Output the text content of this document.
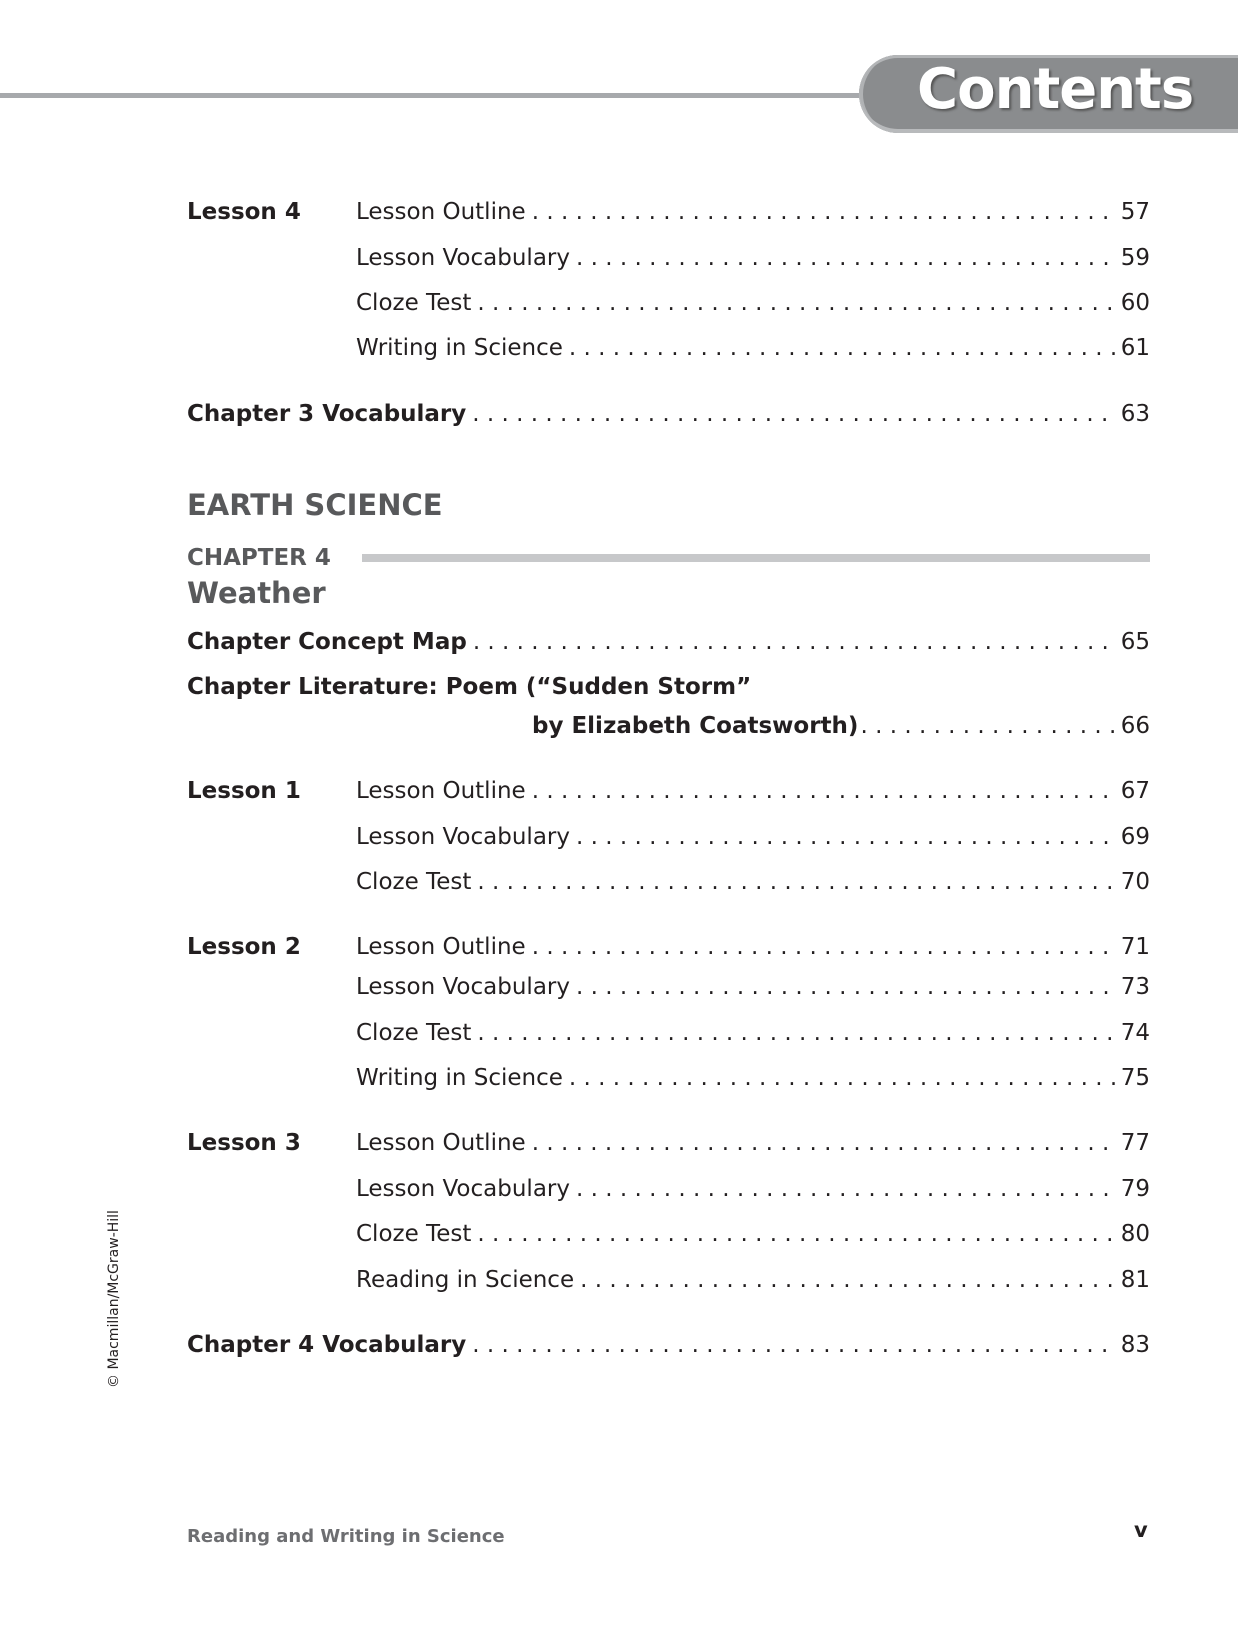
Contents
Lesson 4 Lesson Outline . . .	57
Lesson Vocabulary . . .	59
Cloze Test . . .	60
Writing in Science . . .	61
Chapter 3 Vocabulary . . .	63
EARTH SCIENCE
CHAPTER 4
Weather
Chapter Concept Map . . .	65
Chapter Literature: Poem (“Sudden Storm”
by Elizabeth Coatsworth) . . .	66
Lesson 1 Lesson Outline . . .	67
Lesson Vocabulary . . .	69
Cloze Test . . .	70
Lesson 2 Lesson Outline . . .	71
Lesson Vocabulary . . .	73
Cloze Test . . .	74
Writing in Science . . .	75
Lesson 3 Lesson Outline . . .	77
Lesson Vocabulary . . .	79
Cloze Test . . .	80
Reading in Science . . .	81
Chapter 4 Vocabulary . . .	83
© Macmillan/McGraw-Hill
Reading and Writing in Science	v
